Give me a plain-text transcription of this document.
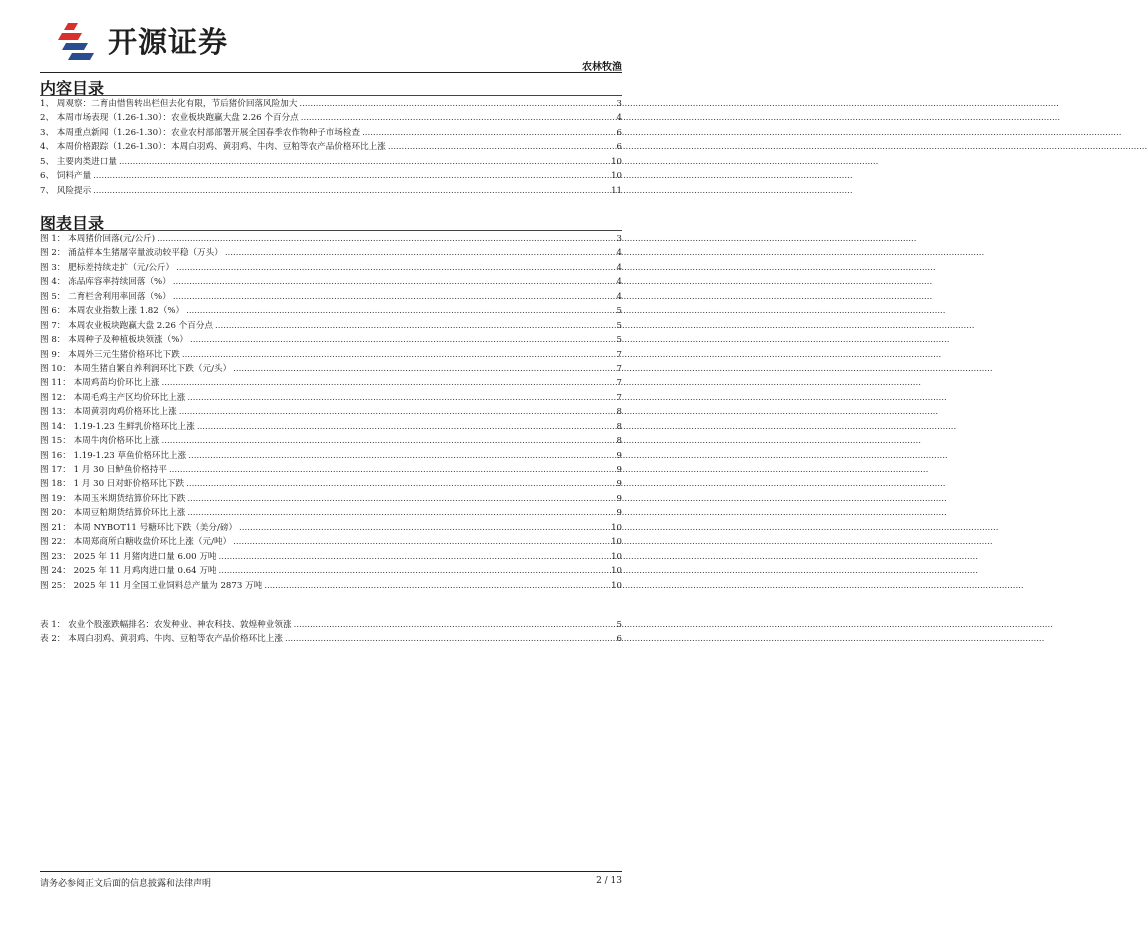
开源证券
农林牧渔
内容目录
1、 周观察：二育由惜售转出栏但去化有限，节后猪价回落风险加大 .....	3
2、 本周市场表现（1.26-1.30）：农业板块跑赢大盘 2.26 个百分点 .....	4
3、 本周重点新闻（1.26-1.30）：农业农村部部署开展全国春季农作物种子市场检查 .....	6
4、 本周价格跟踪（1.26-1.30）：本周白羽鸡、黄羽鸡、牛肉、豆粕等农产品价格环比上涨 .....	6
5、 主要肉类进口量 .....	10
6、 饲料产量 .....	10
7、 风险提示 .....	11
图表目录
图 1： 本周猪价回落(元/公斤) .....	3
图 2： 涌益样本生猪屠宰量波动较平稳（万头） .....	4
图 3： 肥标差持续走扩（元/公斤） .....	4
图 4： 冻品库容率持续回落（%） .....	4
图 5： 二育栏舍利用率回落（%） .....	4
图 6： 本周农业指数上涨 1.82（%） .....	5
图 7： 本周农业板块跑赢大盘 2.26 个百分点 .....	5
图 8： 本周种子及种植板块领涨（%） .....	5
图 9： 本周外三元生猪价格环比下跌 .....	7
图 10： 本周生猪自繁自养利润环比下跌（元/头） .....	7
图 11： 本周鸡苗均价环比上涨 .....	7
图 12： 本周毛鸡主产区均价环比上涨 .....	7
图 13： 本周黄羽肉鸡价格环比上涨 .....	8
图 14： 1.19-1.23 生鲜乳价格环比上涨 .....	8
图 15： 本周牛肉价格环比上涨 .....	8
图 16： 1.19-1.23 草鱼价格环比上涨 .....	9
图 17： 1 月 30 日鲈鱼价格持平 .....	9
图 18： 1 月 30 日对虾价格环比下跌 .....	9
图 19： 本周玉米期货结算价环比下跌 .....	9
图 20： 本周豆粕期货结算价环比上涨 .....	9
图 21： 本周 NYBOT11 号糖环比下跌（美分/磅） .....	10
图 22： 本周郑商所白糖收盘价环比上涨（元/吨） .....	10
图 23： 2025 年 11 月猪肉进口量 6.00 万吨 .....	10
图 24： 2025 年 11 月鸡肉进口量 0.64 万吨 .....	10
图 25： 2025 年 11 月全国工业饲料总产量为 2873 万吨 .....	10
表 1： 农业个股涨跌幅排名：农发种业、神农科技、敦煌种业领涨 .....	5
表 2： 本周白羽鸡、黄羽鸡、牛肉、豆粕等农产品价格环比上涨 .....	6
请务必参阅正文后面的信息披露和法律声明	2 / 13
